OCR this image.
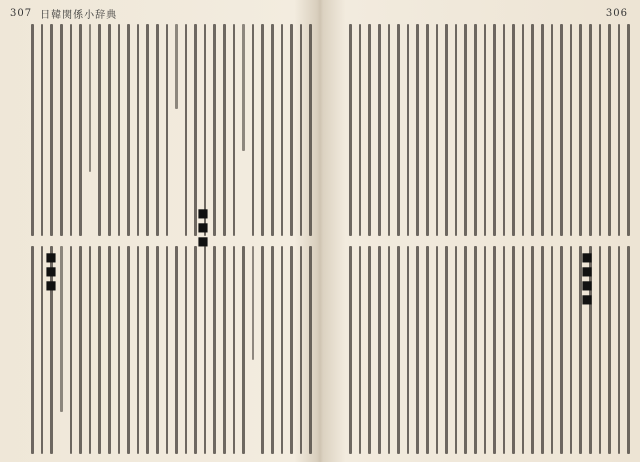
307 日韓関係小辞典
■■■
■■■
306
■■■■
